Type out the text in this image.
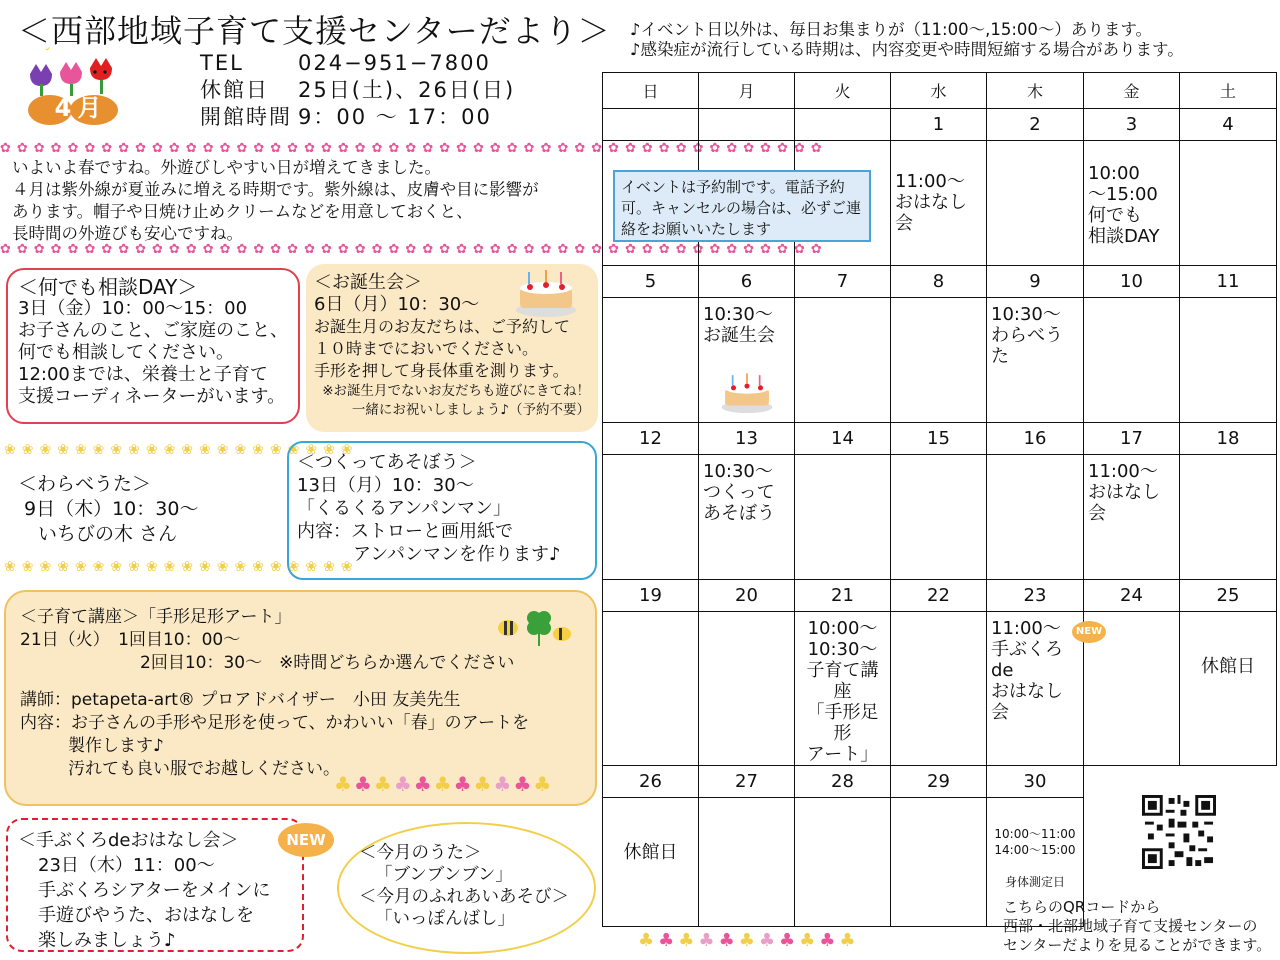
＜西部地域子育て支援センターだより＞
4月
TEL	024−951−7800
休館日 25日(土)、26日(日)
開館時間 9：00 〜 17：00
✿✿✿✿✿✿✿✿✿✿✿✿✿✿✿✿✿✿✿✿✿✿✿✿✿✿✿✿✿✿✿✿✿✿✿✿✿✿✿✿✿✿✿✿✿✿✿✿✿
✿✿✿✿✿✿✿✿✿✿✿✿✿✿✿✿✿✿✿✿✿✿✿✿✿✿✿✿✿✿✿✿✿✿✿✿✿✿✿✿✿✿✿✿✿✿✿✿✿

いよいよ春ですね。外遊びしやすい日が増えてきました。

４月は紫外線が夏並みに増える時期です。紫外線は、皮膚や目に影響が

あります。帽子や日焼け止めクリームなどを用意しておくと、

長時間の外遊びも安心ですね。

＜何でも相談DAY＞

3日（金）10：00〜15：00

お子さんのこと、ご家庭のこと、

何でも相談してください。

12:00までは、栄養士と子育て

支援コーディネーターがいます。

＜お誕生会＞

6日（月）10：30〜

お誕生月のお友だちは、ご予約して

１０時までにおいでください。

手形を押して身長体重を測ります。

※お誕生月でないお友だちも遊びにきてね！

一緒にお祝いしましょう♪（予約不要）

❀❀❀❀❀❀❀❀❀❀❀❀❀❀❀❀❀❀❀❀
＜わらべうた＞
9日（木）10：30〜
いちびの木 さん
❀❀❀❀❀❀❀❀❀❀❀❀❀❀❀❀❀❀❀❀

＜つくってあそぼう＞

13日（月）10：30〜

「くるくるアンパンマン」

内容：ストローと画用紙で

アンパンマンを作ります♪

＜子育て講座＞「手形足形アート」

21日（火）　 1回目10：00〜

2回目10：30〜　 ※時間どちらか選んでください

講師：petapeta-art® プロアドバイザー　小田 友美先生

内容：お子さんの手形や足形を使って、かわいい「春」のアートを

製作します♪

汚れても良い服でお越しください。

♣♣♣♣♣♣♣♣♣♣♣

＜手ぶくろdeおはなし会＞

23日（木）11：00〜

手ぶくろシアターをメインに

手遊びやうた、おはなしを

楽しみましょう♪

NEW

＜今月のうた＞

「ブンブンブン」

＜今月のふれあいあそび＞

「いっぽんばし」

♪イベント日以外は、毎日お集まりが（11:00〜,15:00〜）あります。
♪感染症が流行している時期は、内容変更や時間短縮する場合があります。
日	月	火	水	木	金	土
			1	2	3	4

			11:00〜
おはなし会		10:00
〜15:00
何でも
相談DAY	

5	6	7	8	9	10	11

	10:30〜
お誕生会			10:30〜
わらべうた		

12	13	14	15	16	17	18

	10:30〜
つくって
あそぼう				11:00〜
おはなし会	

19	20	21	22	23	24	25

		10:00〜
10:30〜
子育て講座
「手形足形
アート」		11:00〜
手ぶくろde
おはなし会		休館日

26	27	28	29	30		

休館日				10:00〜11:00
14:00〜15:00

身体測定日		

イベントは予約制です。電話予約可。キャンセルの場合は、必ずご連絡をお願いいたします
NEW
こちらのQRコードから
西部・北部地域子育て支援センターの
センターだよりを見ることができます。
♣♣♣♣♣♣♣♣♣♣♣
